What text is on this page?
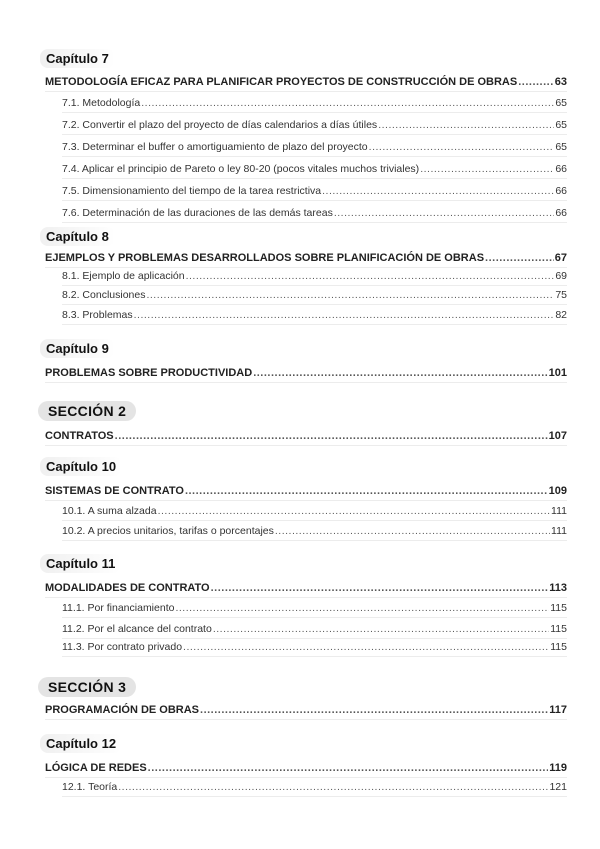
Capítulo 7
METODOLOGÍA EFICAZ PARA PLANIFICAR PROYECTOS DE CONSTRUCCIÓN DE OBRAS .....	63
7.1. Metodología .....	65
7.2. Convertir el plazo del proyecto de días calendarios a días útiles .....	65
7.3. Determinar el buffer o amortiguamiento de plazo del proyecto .....	65
7.4. Aplicar el principio de Pareto o ley 80-20 (pocos vitales muchos triviales) .....	66
7.5. Dimensionamiento del tiempo de la tarea restrictiva .....	66
7.6. Determinación de las duraciones de las demás tareas .....	66
Capítulo 8
EJEMPLOS Y PROBLEMAS DESARROLLADOS SOBRE PLANIFICACIÓN DE OBRAS .....	67
8.1. Ejemplo de aplicación .....	69
8.2. Conclusiones .....	75
8.3. Problemas .....	82
Capítulo 9
PROBLEMAS SOBRE PRODUCTIVIDAD .....	101
SECCIÓN 2
CONTRATOS .....	107
Capítulo 10
SISTEMAS DE CONTRATO .....	109
10.1. A suma alzada .....	111
10.2. A precios unitarios, tarifas o porcentajes .....	111
Capítulo 11
MODALIDADES DE CONTRATO .....	113
11.1. Por financiamiento .....	115
11.2. Por el alcance del contrato .....	115
11.3. Por contrato privado .....	115
SECCIÓN 3
PROGRAMACIÓN DE OBRAS .....	117
Capítulo 12
LÓGICA DE REDES .....	119
12.1. Teoría .....	121
